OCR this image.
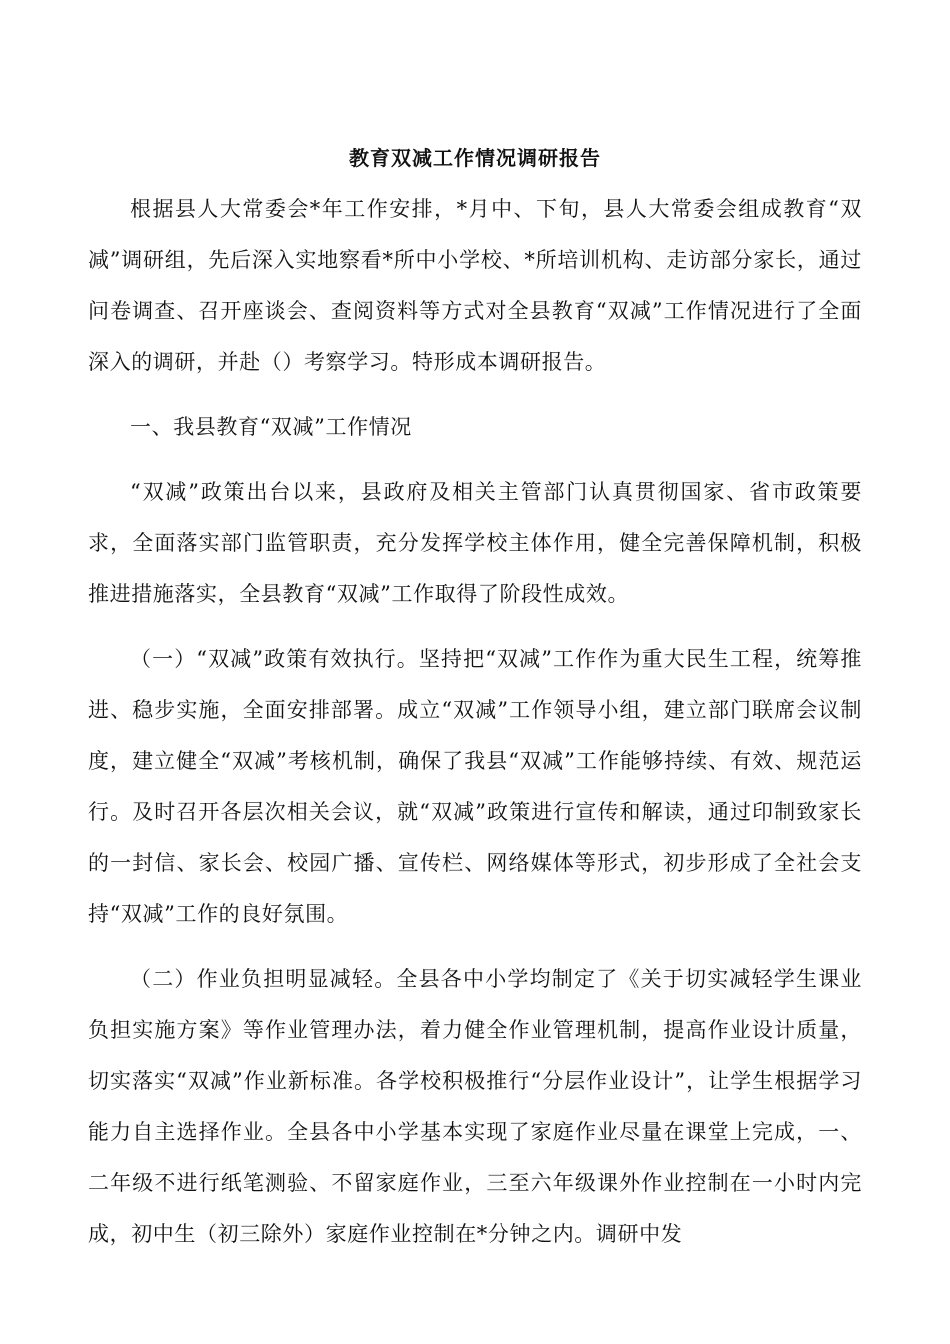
教育双减工作情况调研报告

根据县人大常委会*年工作安排，*月中、下旬，县人大常委会组成教育“双减”调研组，先后深入实地察看*所中小学校、*所培训机构、走访部分家长，通过问卷调查、召开座谈会、查阅资料等方式对全县教育“双减”工作情况进行了全面深入的调研，并赴（）考察学习。特形成本调研报告。

一、我县教育“双减”工作情况

“双减”政策出台以来，县政府及相关主管部门认真贯彻国家、省市政策要求，全面落实部门监管职责，充分发挥学校主体作用，健全完善保障机制，积极推进措施落实，全县教育“双减”工作取得了阶段性成效。

（一）“双减”政策有效执行。坚持把“双减”工作作为重大民生工程，统筹推进、稳步实施，全面安排部署。成立“双减”工作领导小组，建立部门联席会议制度，建立健全“双减”考核机制，确保了我县“双减”工作能够持续、有效、规范运行。及时召开各层次相关会议，就“双减”政策进行宣传和解读，通过印制致家长的一封信、家长会、校园广播、宣传栏、网络媒体等形式，初步形成了全社会支持“双减”工作的良好氛围。

（二）作业负担明显减轻。全县各中小学均制定了《关于切实减轻学生课业负担实施方案》等作业管理办法，着力健全作业管理机制，提高作业设计质量，切实落实“双减”作业新标准。各学校积极推行“分层作业设计”，让学生根据学习能力自主选择作业。全县各中小学基本实现了家庭作业尽量在课堂上完成，一、二年级不进行纸笔测验、不留家庭作业，三至六年级课外作业控制在一小时内完成，初中生（初三除外）家庭作业控制在*分钟之内。调研中发
